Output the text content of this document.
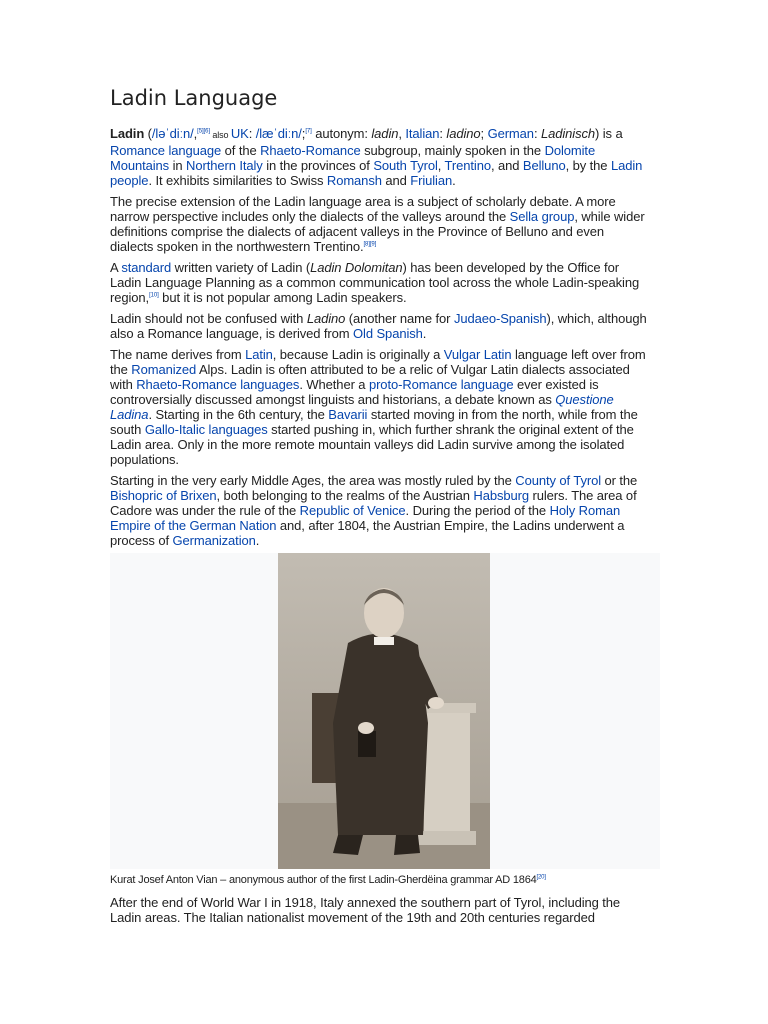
Ladin Language

Ladin (/ləˈdiːn/,[5][6] also UK: /læˈdiːn/;[7] autonym: ladin, Italian: ladino; German: Ladinisch) is a Romance language of the Rhaeto-Romance subgroup, mainly spoken in the Dolomite Mountains in Northern Italy in the provinces of South Tyrol, Trentino, and Belluno, by the Ladin people. It exhibits similarities to Swiss Romansh and Friulian.

The precise extension of the Ladin language area is a subject of scholarly debate. A more narrow perspective includes only the dialects of the valleys around the Sella group, while wider definitions comprise the dialects of adjacent valleys in the Province of Belluno and even dialects spoken in the northwestern Trentino.[8][9]

A standard written variety of Ladin (Ladin Dolomitan) has been developed by the Office for Ladin Language Planning as a common communication tool across the whole Ladin-speaking region,[10] but it is not popular among Ladin speakers.

Ladin should not be confused with Ladino (another name for Judaeo-Spanish), which, although also a Romance language, is derived from Old Spanish.

The name derives from Latin, because Ladin is originally a Vulgar Latin language left over from the Romanized Alps. Ladin is often attributed to be a relic of Vulgar Latin dialects associated with Rhaeto-Romance languages. Whether a proto-Romance language ever existed is controversially discussed amongst linguists and historians, a debate known as Questione Ladina. Starting in the 6th century, the Bavarii started moving in from the north, while from the south Gallo-Italic languages started pushing in, which further shrank the original extent of the Ladin area. Only in the more remote mountain valleys did Ladin survive among the isolated populations.

Starting in the very early Middle Ages, the area was mostly ruled by the County of Tyrol or the Bishopric of Brixen, both belonging to the realms of the Austrian Habsburg rulers. The area of Cadore was under the rule of the Republic of Venice. During the period of the Holy Roman Empire of the German Nation and, after 1804, the Austrian Empire, the Ladins underwent a process of Germanization.

Kurat Josef Anton Vian – anonymous author of the first Ladin-Gherdëina grammar AD 1864[20]
After the end of World War I in 1918, Italy annexed the southern part of Tyrol, including the Ladin areas. The Italian nationalist movement of the 19th and 20th centuries regarded
